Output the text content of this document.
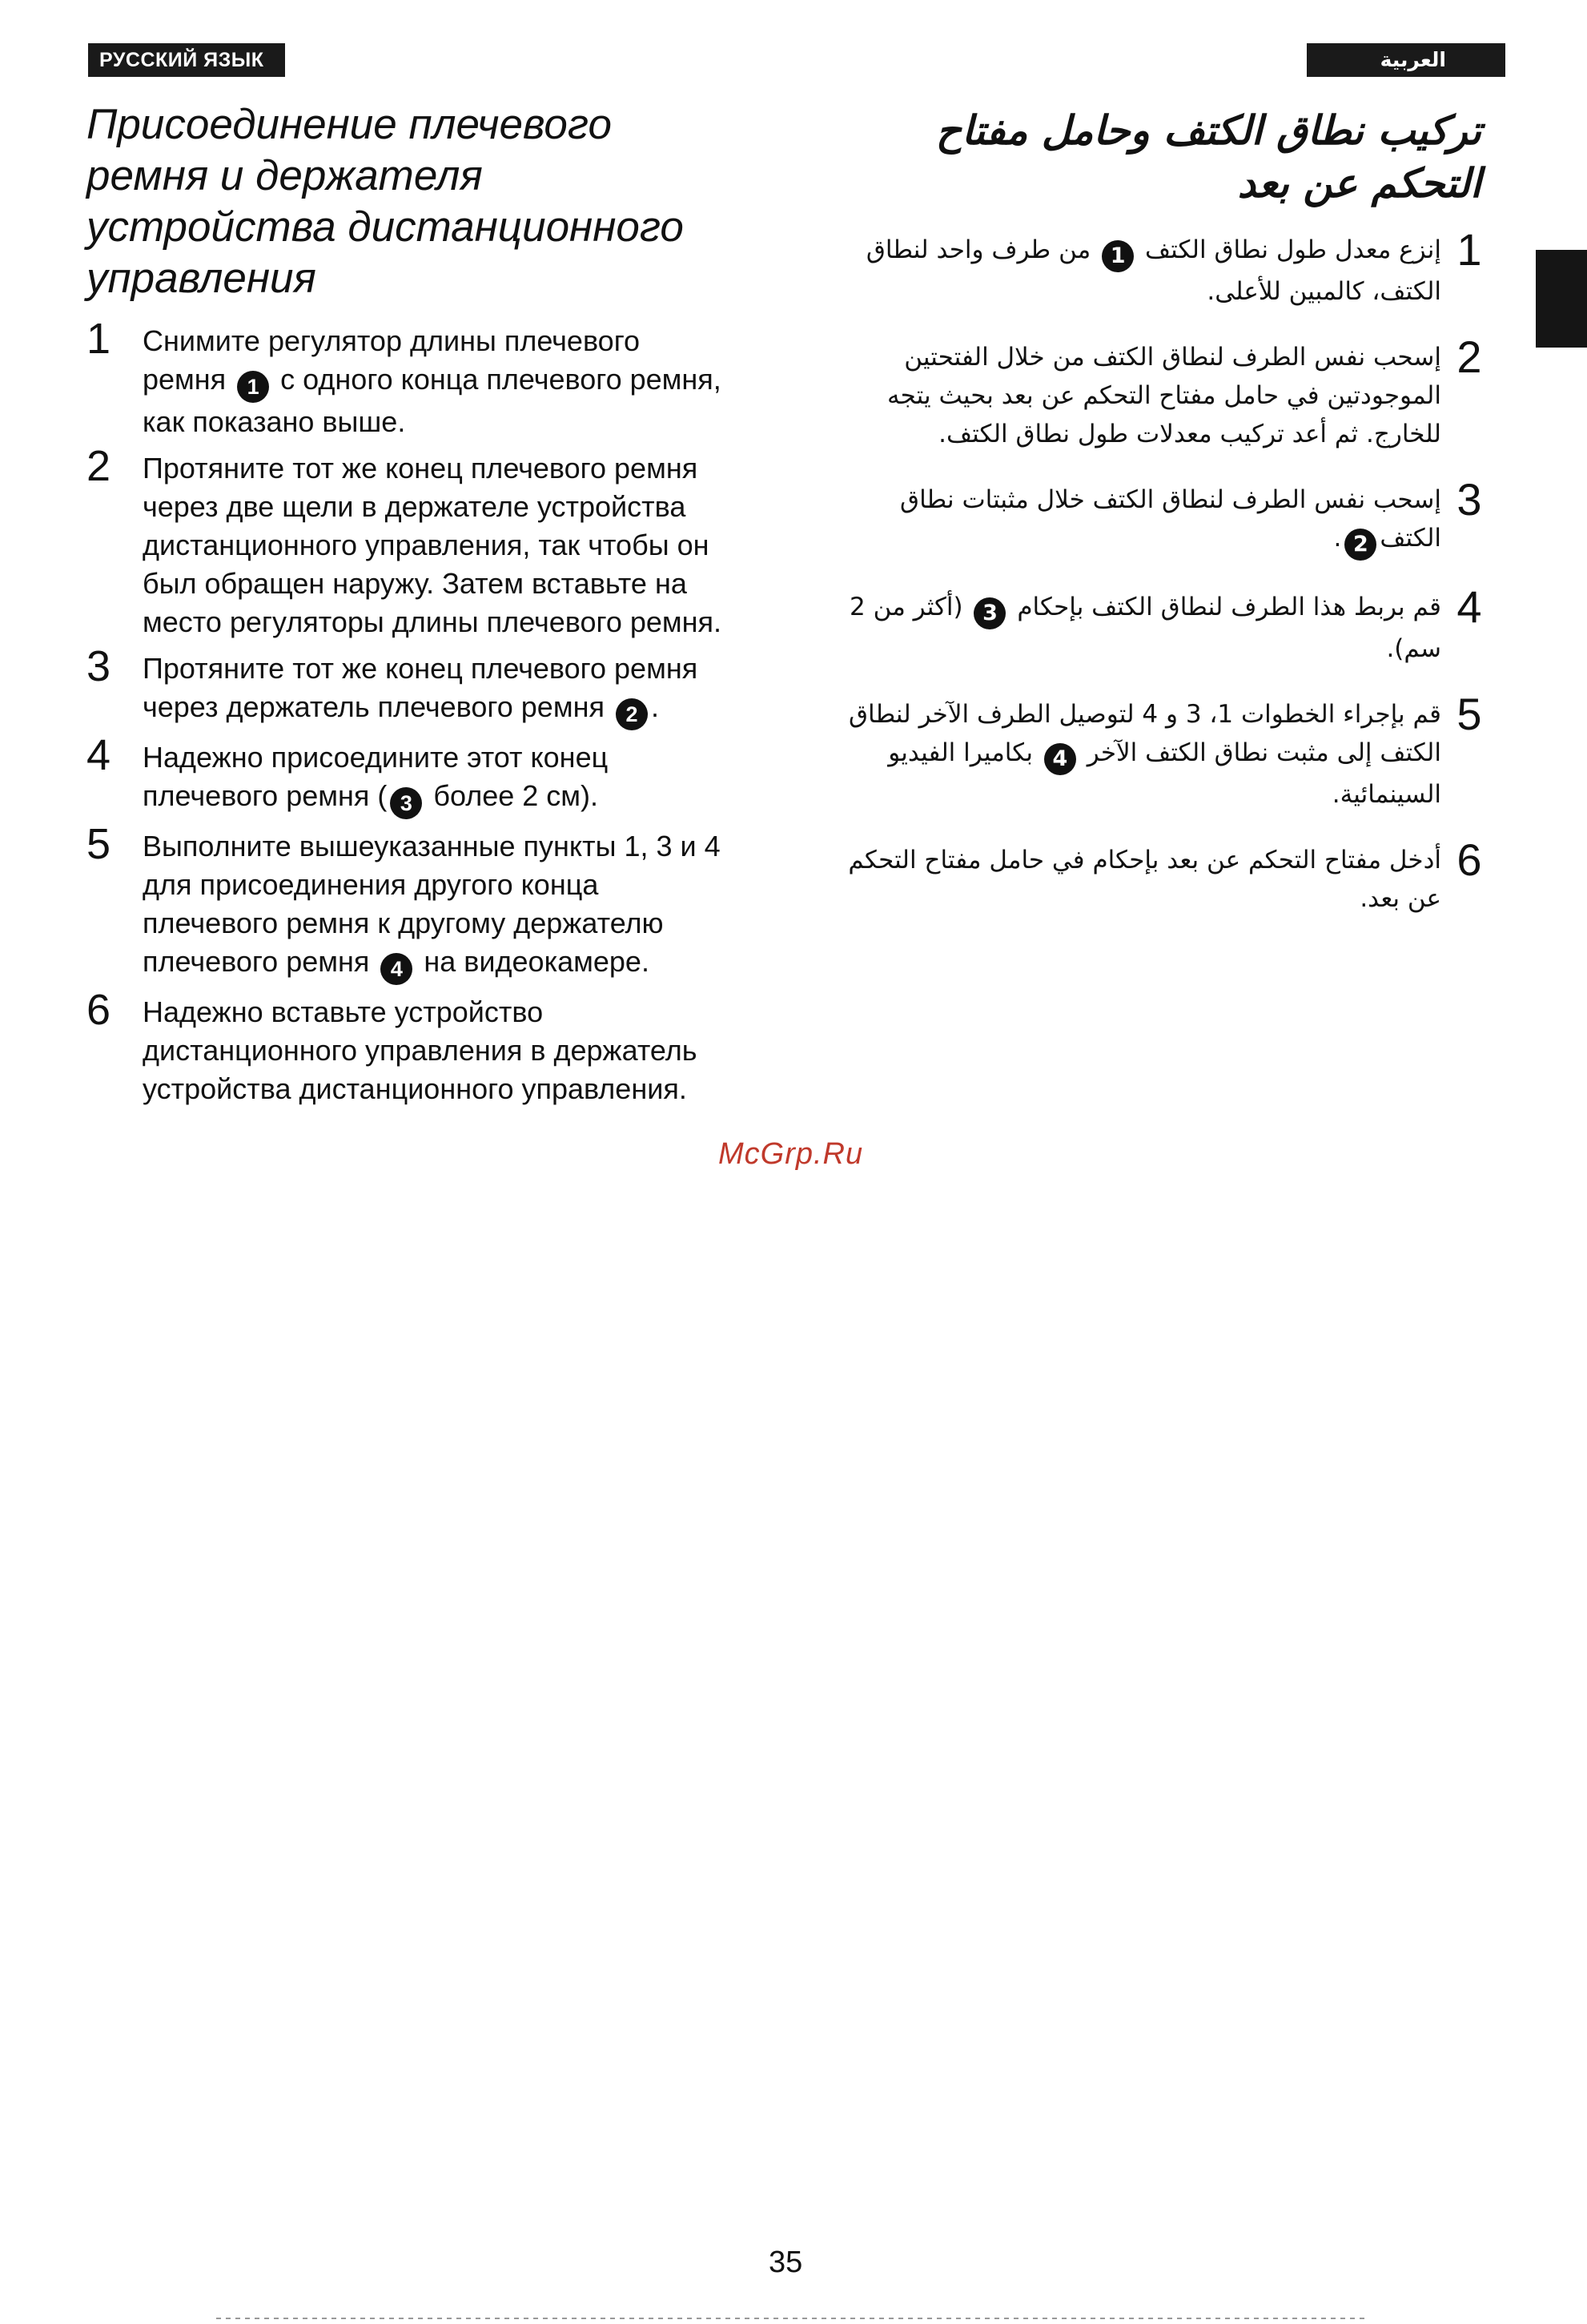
РУССКИЙ ЯЗЫК	العربية
Присоединение плечевого ремня и держателя устройства дистанционного управления
1	Снимите регулятор длины плечевого ремня 1 с одного конца плечевого ремня, как показано выше.
2	Протяните тот же конец плечевого ремня через две щели в держателе устройства дистанционного управления, так чтобы он был обращен наружу. Затем вставьте на место регуляторы длины плечевого ремня.
3	Протяните тот же конец плечевого ремня через держатель плечевого ремня 2 .
4	Надежно присоедините этот конец плечевого ремня ( 3 более 2 см).
5	Выполните вышеуказанные пункты 1, 3 и 4 для присоединения другого конца плечевого ремня к другому держателю плечевого ремня 4 на видеокамере.
6	Надежно вставьте устройство дистанционного управления в держатель устройства дистанционного управления.
تركيب نطاق الكتف وحامل مفتاح التحكم عن بعد
1
إنزع معدل طول نطاق الكتف 1 من طرف واحد لنطاق الكتف، كالمبين للأعلى.
2
إسحب نفس الطرف لنطاق الكتف من خلال الفتحتين الموجودتين في حامل مفتاح التحكم عن بعد بحيث يتجه للخارج. ثم أعد تركيب معدلات طول نطاق الكتف.
3
إسحب نفس الطرف لنطاق الكتف خلال مثبتات نطاق الكتف2.
4
قم بربط هذا الطرف لنطاق الكتف بإحكام 3 (أكثر من 2 سم).
5
قم بإجراء الخطوات 1، 3 و 4 لتوصيل الطرف الآخر لنطاق الكتف إلى مثبت نطاق الكتف الآخر 4 بكاميرا الفيديو السينمائية.
6
أدخل مفتاح التحكم عن بعد بإحكام في حامل مفتاح التحكم عن بعد.
McGrp.Ru
35
